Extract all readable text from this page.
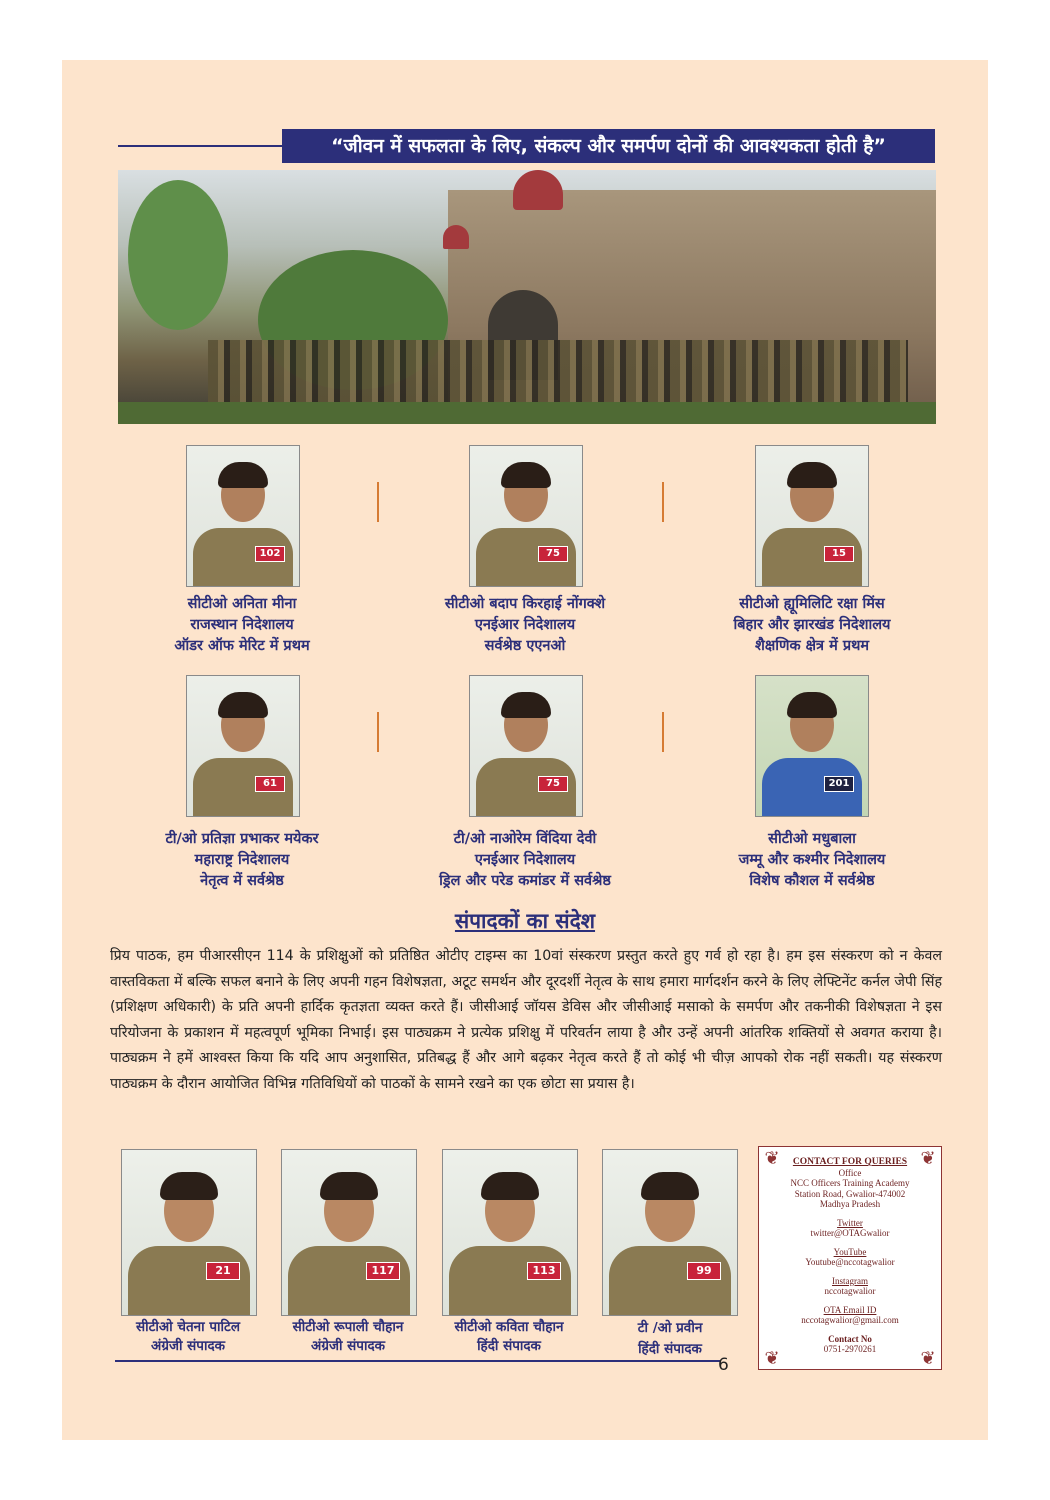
“जीवन में सफलता के लिए, संकल्प और समर्पण दोनों की आवश्यकता होती है”
102	75	15
सीटीओ अनिता मीना
राजस्थान निदेशालय
ऑडर ऑफ मेरिट में प्रथम
सीटीओ बदाप किरहाई नोंगक्शे
एनईआर निदेशालय
सर्वश्रेष्ठ एएनओ
सीटीओ ह्यूमिलिटि रक्षा मिंस
बिहार और झारखंड निदेशालय
शैक्षणिक क्षेत्र में प्रथम
61	75	201
टी/ओ प्रतिज्ञा प्रभाकर मयेकर
महाराष्ट्र निदेशालय
नेतृत्व में सर्वश्रेष्ठ
टी/ओ नाओरेम विंदिया देवी
एनईआर निदेशालय
ड्रिल और परेड कमांडर में सर्वश्रेष्ठ
सीटीओ मधुबाला
जम्मू और कश्मीर निदेशालय
विशेष कौशल में सर्वश्रेष्ठ
संपादकों का संदेश
प्रिय पाठक, हम पीआरसीएन 114 के प्रशिक्षुओं को प्रतिष्ठित ओटीए टाइम्स का 10वां संस्करण प्रस्तुत करते हुए गर्व हो रहा है। हम इस संस्करण को न केवल वास्तविकता में बल्कि सफल बनाने के लिए अपनी गहन विशेषज्ञता, अटूट समर्थन और दूरदर्शी नेतृत्व के साथ हमारा मार्गदर्शन करने के लिए लेफ्टिनेंट कर्नल जेपी सिंह (प्रशिक्षण अधिकारी) के प्रति अपनी हार्दिक कृतज्ञता व्यक्त करते हैं। जीसीआई जॉयस डेविस और जीसीआई मसाको के समर्पण और तकनीकी विशेषज्ञता ने इस परियोजना के प्रकाशन में महत्वपूर्ण भूमिका निभाई। इस पाठ्यक्रम ने प्रत्येक प्रशिक्षु में परिवर्तन लाया है और उन्हें अपनी आंतरिक शक्तियों से अवगत कराया है। पाठ्यक्रम ने हमें आश्वस्त किया कि यदि आप अनुशासित, प्रतिबद्ध हैं और आगे बढ़कर नेतृत्व करते हैं तो कोई भी चीज़ आपको रोक नहीं सकती। यह संस्करण पाठ्यक्रम के दौरान आयोजित विभिन्न गतिविधियों को पाठकों के सामने रखने का एक छोटा सा प्रयास है।
21	117	113	99
सीटीओ चेतना पाटिल
अंग्रेजी संपादक
सीटीओ रूपाली चौहान
अंग्रेजी संपादक
सीटीओ कविता चौहान
हिंदी संपादक
टी /ओ प्रवीन
हिंदी संपादक
6
❦	❦
❦	❦
CONTACT FOR QUERIES
Office
NCC Officers Training Academy
Station Road, Gwalior-474002
Madhya Pradesh
Twitter
twitter@OTAGwalior
YouTube
Youtube@nccotagwalior
Instagram
nccotagwalior
OTA Email ID
nccotagwalior@gmail.com
Contact No
0751-2970261
